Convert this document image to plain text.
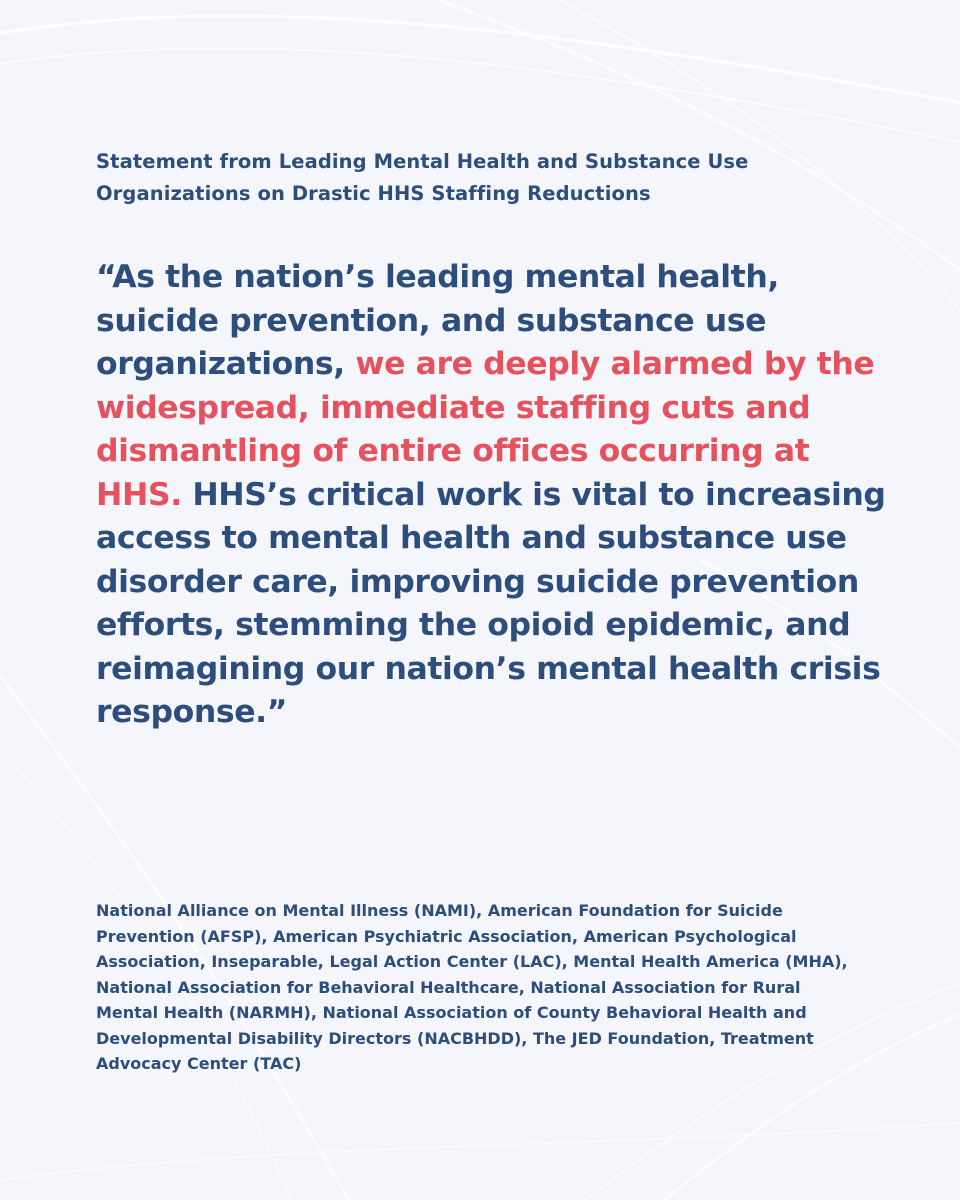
Statement from Leading Mental Health and Substance Use Organizations on Drastic HHS Staffing Reductions

“As the nation’s leading mental health, suicide prevention, and substance use organizations, we are deeply alarmed by the widespread, immediate staffing cuts and dismantling of entire offices occurring at HHS. HHS’s critical work is vital to increasing access to mental health and substance use disorder care, improving suicide prevention efforts, stemming the opioid epidemic, and reimagining our nation’s mental health crisis response.”

National Alliance on Mental Illness (NAMI), American Foundation for Suicide Prevention (AFSP), American Psychiatric Association, American Psychological Association, Inseparable, Legal Action Center (LAC), Mental Health America (MHA), National Association for Behavioral Healthcare, National Association for Rural Mental Health (NARMH), National Association of County Behavioral Health and Developmental Disability Directors (NACBHDD), The JED Foundation, Treatment Advocacy Center (TAC)
